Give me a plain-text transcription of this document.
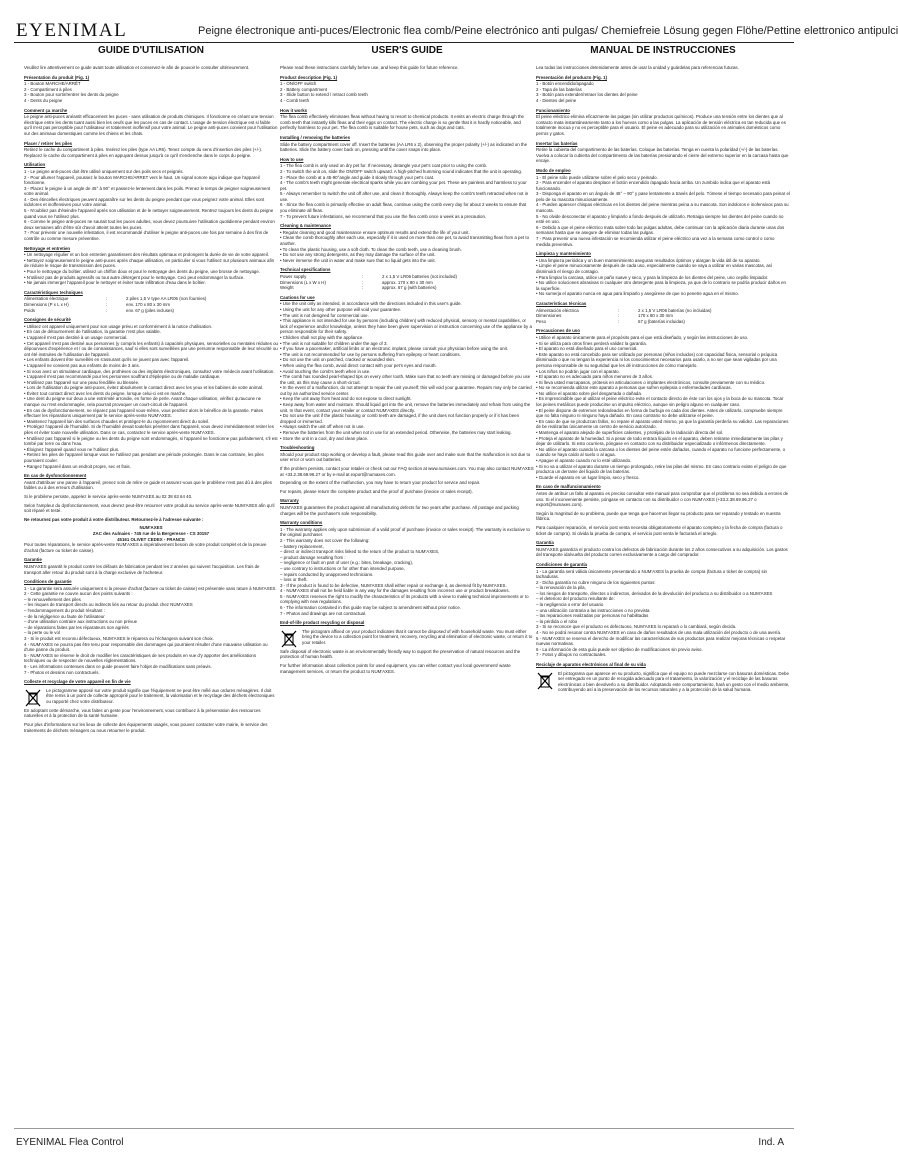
EYENIMAL	Peigne électronique anti-puces/Electronic flea comb/Peine electrónico anti pulgas/ Chemiefreie Lösung gegen Flöhe/Pettine elettronico antipulci
GUIDE D'UTILISATION
Veuillez lire attentivement ce guide avant toute utilisation et conservez-le afin de pouvoir le consulter ultérieurement.
Présentation du produit (Fig. 1)
1 - Bouton MARCHE/ARRÊT
2 - Compartiment à piles
3 - Bouton pour sortir/rentrer les dents du peigne
4 - Dents du peigne
Comment ça marche
Le peigne anti-puces anéantit efficacement les puces - sans utilisation de produits chimiques. Il fonctionne en créant une tension électrique entre les dents tuant aussi bien les oeufs que les puces en cas de contact. L'usage de tension électrique est si faible qu'il n'est pas perceptible pour l'utilisateur et totalement inoffensif pour votre animal. Le peigne anti-puces convient pour l'utilisation sur des animaux domestiques comme les chiens et les chats.
Placer / retirer les piles
Retirez le cache du compartiment à piles. Insérez les piles (type AA LR6). Tenez compte du sens d'insertion des piles (+/-). Replacez le cache du compartiment à piles en appuyant dessus jusqu'à ce qu'il s'enclenche dans le corps du peigne.
Utilisation
1 - Le peigne anti-puces doit être utilisé uniquement sur des poils secs et peignés.
2 - Pour allumer l'appareil, poussez le bouton MARCHE/ARRET vers le haut. Un signal sonore aigu indique que l'appareil fonctionne.
3 - Placez le peigne à un angle de 45° à 90° et passez-le lentement dans les poils. Prenez le temps de peigner soigneusement votre animal.
4 - Des étincelles électriques peuvent apparaître sur les dents du peigne pendant que vous peignez votre animal. Elles sont indolores et inoffensives pour votre animal.
5 - N'oubliez pas d'éteindre l'appareil après son utilisation et de le nettoyer soigneusement. Rentrez toujours les dents du peigne quand vous ne l'utilisez plus.
6 - Comme le peigne anti-puces ne saurait tout les puces adultes, vous devez poursuivre l'utilisation quotidienne pendant environ deux semaines afin d'être sûr d'avoir atteint toutes les puces.
7 - Pour prévenir une nouvelle infestation, il est recommandé d'utiliser le peigne anti-puces une fois par semaine à des fins de contrôle ou comme mesure préventive.
Nettoyage et entretien
• Un nettoyage régulier et un bon entretien garantissent des résultats optimaux et prolongent la durée de vie de votre appareil.
• Nettoyez soigneusement le peigne anti-puces après chaque utilisation, en particulier si vous l'utilisez sur plusieurs animaux afin de réduire le risque de transmission des puces.
• Pour le nettoyage du boîtier, utilisez un chiffon doux et pour le nettoyage des dents du peigne, une brosse de nettoyage.
• N'utilisez pas de produits agressifs ou tout autre détergent pour le nettoyage. Ceci peut endommager la surface.
• Ne jamais immerger l'appareil pour le nettoyer et éviter toute infiltration d'eau dans le boîtier.
Caractéristiques techniques
Alimentation électrique	:	2 piles 1,5 V type AA LR06 (non fournies)
Dimensions (P x L x H)	:	env. 170 x 80 x 30 mm
Poids	:	env. 67 g (piles incluses)
Consignes de sécurité
• Utilisez cet appareil uniquement pour son usage prévu et conformément à la notice d'utilisation.
• En cas de détournement de l'utilisation, la garantie n'est plus valable.
• L'appareil n'est pas destiné à un usage commercial.
• Cet appareil n'est pas destiné aux personnes (y compris les enfants) à capacités physiques, sensorielles ou mentales réduites ou dépourvues d'expérience et / ou de connaissances, sauf si elles sont surveillées par une personne responsable de leur sécurité ou ont été instruites de l'utilisation de l'appareil.
• Les enfants doivent être surveillés en s'assurant qu'ils ne jouent pas avec l'appareil.
• L'appareil ne convient pas aux enfants de moins de 3 ans.
• Si vous avez un stimulateur cardiaque, des prothèses ou des implants électroniques, consultez votre médecin avant l'utilisation.
• L'appareil n'est pas recommandé pour les personnes souffrant d'épilepsie ou de maladie cardiaque.
• N'utilisez pas l'appareil sur une peau fendillée ou blessée.
• Lors de l'utilisation du peigne anti-puces, évitez absolument le contact direct avec les yeux et les babines de votre animal.
• Évitez tout contact direct avec les dents du peigne, lorsque celui-ci est en marche.
• Une dent du peigne sur deux a une extrémité arrondie, en forme de perle. Avant chaque utilisation, vérifiez qu'aucune ne manque ou n'est endommagée, cela pourrait provoquer un court-circuit de l'appareil.
• En cas de dysfonctionnement, ne réparez pas l'appareil vous-même, vous perdriez alors le bénéfice de la garantie. Faites effectuer les réparations uniquement par le service après-vente NUM'AXES.
• Maintenez l'appareil loin des surfaces chaudes et protégez-le du rayonnement direct du soleil.
• Protégez l'appareil de l'humidité. Si de l'humidité devait toutefois pénétrer dans l'appareil, vous devez immédiatement retirer les piles et éviter toute nouvelle utilisation. Dans ce cas, contactez le service après-vente NUM'AXES.
• N'utilisez pas l'appareil si le peigne ou les dents du peigne sont endommagés, si l'appareil ne fonctionne pas parfaitement, s'il est tombé par terre ou dans l'eau.
• Éloignez l'appareil quand vous ne l'utilisez plus.
• Retirez les piles de l'appareil lorsque vous ne l'utilisez pas pendant une période prolongée. Dans le cas contraire, les piles pourraient couler.
• Rangez l'appareil dans un endroit propre, sec et frais.
En cas de dysfonctionnement
Avant d'attribuer une panne à l'appareil, prenez soin de relire ce guide et assurez-vous que le problème n'est pas dû à des piles faibles ou à des erreurs d'utilisation.
Si le problème persiste, appelez le service après-vente NUM'AXES au 02 38 63 64 40.
Selon l'ampleur du dysfonctionnement, vous devrez peut-être retourner votre produit au service après-vente NUM'AXES afin qu'il soit réparé et testé.
Ne retournez pas votre produit à votre distributeur. Retournez-le à l'adresse suivante :
NUM'AXES
ZAC des Aulnaies - 745 rue de la Bergeresse - CS 30157
45161 OLIVET CEDEX - FRANCE
Pour toutes réparations, le service après-vente NUM'AXES a impérativement besoin de votre produit complet et de la preuve d'achat (facture ou ticket de caisse).
Garantie
NUM'AXES garantit le produit contre les défauts de fabrication pendant les 2 années qui suivent l'acquisition. Les frais de transport aller retour du produit sont à la charge exclusive de l'acheteur.
Conditions de garantie
1 - La garantie sera assurée uniquement si la preuve d'achat (facture ou ticket de caisse) est présentée sans rature à NUM'AXES.
2 - Cette garantie ne couvre aucun des points suivants :
– le renouvellement des piles
– les risques de transport directs ou indirects liés au retour du produit chez NUM'AXES
– l'endommagement du produit résultant :
– de la négligence ou faute de l'utilisateur
– d'une utilisation contraire aux instructions ou non prévue
– de réparations faites par les réparateurs non agréés
– la perte ou le vol
3 - Si le produit est reconnu défectueux, NUM'AXES le réparera ou l'échangera suivant son choix.
4 - NUM'AXES ne pourra pas être tenu pour responsable des dommages qui pourraient résulter d'une mauvaise utilisation ou d'une panne du produit.
5 - NUM'AXES se réserve le droit de modifier les caractéristiques de ses produits en vue d'y apporter des améliorations techniques ou de respecter de nouvelles réglementations.
6 - Les informations contenues dans ce guide peuvent faire l'objet de modifications sans préavis.
7 - Photos et dessins non contractuels.
Collecte et recyclage de votre appareil en fin de vie
Le pictogramme apposé sur votre produit signifie que l'équipement ne peut être mêlé aux ordures ménagères. Il doit être remis à un point de collecte approprié pour le traitement, la valorisation et le recyclage des déchets électroniques ou rapporté chez votre distributeur.
En adoptant cette démarche, vous faites un geste pour l'environnement, vous contribuez à la préservation des ressources naturelles et à la protection de la santé humaine.
Pour plus d'informations sur les lieux de collecte des équipements usagés, vous pouvez contacter votre mairie, le service des traitements de déchets ménagers ou nous retourner le produit.
USER'S GUIDE
Please read these instructions carefully before use, and keep this guide for future reference.
Product description (Fig. 1)
1 - ON/OFF switch
2 - Battery compartment
3 - Slide button to extend / retract comb teeth
4 - Comb teeth
How it works
The flea comb effectively eliminates fleas without having to resort to chemical products. It emits an electric charge through the comb teeth that instantly kills fleas and their eggs on contact. The electric charge is so gentle that it is hardly noticeable, and perfectly harmless to your pet. The flea comb is suitable for house pets, such as dogs and cats.
Installing / removing the batteries
Slide the battery compartment cover off. Insert the batteries (AA LR6 x 2), observing the proper polarity (+/-) as indicated on the batteries. Slide the battery cover back on, pressing until the cover snaps into place.
How to use
1 - The flea comb is only used on dry pet fur. If necessary, detangle your pet's coat prior to using the comb.
2 - To switch the unit on, slide the ON/OFF switch upward. A high-pitched humming sound indicates that the unit is operating.
3 - Place the comb at a 45-90°angle and guide it slowly through your pet's coat.
4 - The comb's teeth might generate electrical sparks while you are combing your pet. These are painless and harmless to your pet.
5 - Always remember to switch the unit off after use, and clean it thoroughly. Always keep the comb's teeth retracted when not in use.
6 - Since the flea comb is primarily effective on adult fleas, continue using the comb every day for about 2 weeks to ensure that you eliminate all fleas.
7 - To prevent future infestations, we recommend that you use the flea comb once a week as a precaution.
Cleaning & maintenance
• Regular cleaning and good maintenance ensure optimum results and extend the life of your unit.
• Clean the comb thoroughly after each use, especially if it is used on more than one pet, to avoid transmitting fleas from a pet to another.
• To clean the plastic housing, use a soft cloth. To clean the comb teeth, use a cleaning brush.
• Do not use any strong detergents, as they may damage the surface of the unit.
• Never immerse the unit in water and make sure that no liquid gets into the unit.
Technical specifications
Power supply	:	2 x 1,5 V LR06 batteries (not included)
Dimensions (L x W x H)	:	approx. 170 x 80 x 30 mm
Weight	:	approx. 67 g (with batteries)
Cautions for use
• Use the unit only as intended, in accordance with the directions included in this user's guide.
• Using the unit for any other purpose will void your guarantee.
• The unit is not designed for commercial use.
• This appliance is not intended for use by persons (including children) with reduced physical, sensory or mental capabilities, or lack of experience and/or knowledge, unless they have been given supervision or instruction concerning use of the appliance by a person responsible for their safety.
• Children shall not play with the appliance.
• The unit is not suitable for children under the age of 3.
• If you have a pacemaker, artificial limbs or an electronic implant, please consult your physician before using the unit.
• The unit is not recommended for use by persons suffering from epilepsy or heart conditions.
• Do not use the unit on parched, cracked or wounded skin.
• When using the flea comb, avoid direct contact with your pet's eyes and mouth.
• Avoid touching the comb's teeth when in use.
• The comb has rounded pearl-shaped tips on every other tooth. Make sure that no teeth are missing or damaged before you use the unit, as this may cause a short-circuit.
• In the event of a malfunction, do not attempt to repair the unit yourself; this will void your guarantee. Repairs may only be carried out by an authorized service center.
• Keep the unit away from heat and do not expose to direct sunlight.
• Keep away from water and moisture. Should liquid get into the unit, remove the batteries immediately and refrain from using the unit. In that event, contact your retailer or contact NUM'AXES directly.
• Do not use the unit if the plastic housing or comb teeth are damaged, if the unit does not function properly or if it has been dropped or immersed.
• Always switch the unit off when not in use.
• Remove the batteries from the unit when not in use for an extended period. Otherwise, the batteries may start leaking.
• Store the unit in a cool, dry and clean place.
Troubleshooting
Should your product stop working or develop a fault, please read this guide over and make sure that the malfunction is not due to user error or worn out batteries.
If the problem persists, contact your retailer or check out our FAQ section at www.numaxes.com. You may also contact NUM'AXES at +33.2.38.69.96.27 or by e-mail at export@numaxes.com.
Depending on the extent of the malfunction, you may have to return your product for service and repair.
For repairs, please return the complete product and the proof of purchase (invoice or sales receipt).
Warranty
NUM'AXES guarantees the product against all manufacturing defects for two years after purchase. All postage and packing charges will be the purchaser's sole responsibility.
Warranty conditions
1 - The warranty applies only upon submission of a valid proof of purchase (invoice or sales receipt). The warranty is exclusive to the original purchaser.
2 - This warranty does not cover the following:
– battery replacement,
– direct or indirect transport risks linked to the return of the product to NUM'AXES,
– product damage resulting from :
– negligence or fault on part of user (e.g.: bites, breakage, cracking),
– use contrary to instructions or for other than intended purpose,
– repairs conducted by unapproved technicians.
– loss or theft.
3 - If the product is found to be defective, NUM'AXES shall either repair or exchange it, as deemed fit by NUM'AXES.
4 - NUM'AXES shall not be held liable in any way for the damages resulting from incorrect use or product breakdowns.
5 - NUM'AXES reserves the right to modify the characteristics of its products with a view to making technical improvements or to complying with new regulations.
6 - The information contained in this guide may be subject to amendment without prior notice.
7 - Photos and drawings are not contractual.
End-of-life product recycling or disposal
The pictogram affixed on your product indicates that it cannot be disposed of with household waste. You must either bring the device to a collection point for treatment, recovery, recycling and elimination of electronic waste, or return it to your retailer.
Safe disposal of electronic waste is an environmentally friendly way to support the preservation of natural resources and the protection of human health.
For further information about collection points for used equipment, you can either contact your local government/ waste management services, or return the product to NUM'AXES.
MANUAL DE INSTRUCCIONES
Lea todas las instrucciones detenidamente antes de usar la unidad y guárdelas para referencias futuras.
Presentación del producto (Fig. 1)
1 - Botón encendido/apagado
2 - Tapa de las baterías
3 - Botón para extender/retraer los dientes del peine
4 - Dientes del peine
Funcionamiento
El peine eléctrico elimina eficazmente las pulgas (sin utilizar productos químicos). Produce una tensión entre los dientes que al contacto mata instantáneamente tanto a los huevos como a las pulgas. La aplicación de tensión eléctrica es tan reducida que es totalmente inocua y no es perceptible para el usuario. El peine es adecuado para su utilización en animales domésticos como perros y gatos.
Insertar las baterías
Retire la cubierta del compartimento de las baterías. Coloque las baterías. Tenga en cuenta la polaridad (+/-) de las baterías. Vuelva a colocar la cubierta del compartimento de las baterías presionando el cierre del extremo superior en la carcasa hasta que encaje.
Modo de empleo
1 - El peine sólo puede utilizarse sobre el pelo seco y peinado.
2 - Para encender el aparato desplace el botón encendido /apagado hacia arriba. Un zumbido indica que el aparato está funcionando.
3 - Disponga el aparato en un ángulo de 45° – 90° y pase lentamente a través del pelo. Tómese el tiempo necesario para peinar el pelo de su mascota minuciosamente.
4 - Pueden aparecer chispas eléctricas en los dientes del peine mientras peina a su mascota. Son indoloros e inofensivos para su mascota.
5 - No olvide desconectar el aparato y limpiarlo a fondo después de utilizarlo. Retraiga siempre los dientes del peine cuando no esté en uso.
6 - Debido a que el peine eléctrico mata sobre todo las pulgas adultas, debe continuar con la aplicación diaria durante unas dos semanas hasta que se asegure de eliminar todas las pulgas.
7 - Para prevenir una nueva infestación se recomienda utilizar el peine eléctrico una vez a la semana como control o como medida preventiva.
Limpieza y mantenimiento
• Una limpieza periódica y un buen mantenimiento aseguran resultados óptimos y alargan la vida útil de su aparato.
• Limpie el peine minuciosamente después de cada uso, especialmente cuando se vaya a utilizar en varias mascotas, así disminuirá el riesgo de contagio.
• Para limpiar la carcasa, utilice un paño suave y seco, y para la limpieza de los dientes del peine, uno cepillo limpiador.
• No utilice soluciones abrasivas ni cualquier otro detergente para la limpieza, ya que de lo contrario se podría producir daños en la superficie.
• No sumerja el aparato nunca en agua para limpiarlo y asegúrese de que no penetre agua en el mismo.
Características técnicas
Alimentación eléctrica	:	2 x 1,5 V LR06 baterías (no incluidas)
Dimensiones	:	170 x 80 x 30 mm
Peso	:	67 g (baterías incluidas)
Precauciones de uso
• Utilice el aparato únicamente para el propósito para el que está diseñado, y según las instrucciones de uso.
• Si se utiliza para otros fines perderá validez la garantía.
• El aparato no está diseñado para el uso comercial.
• Este aparato no está concebido para ser utilizado por personas (niños incluidos) con capacidad física, sensorial o psíquica disminuida o que no tengan la experiencia ni los conocimientos necesarios para usarlo, a no ser que sean vigiladas por una persona responsable de su seguridad que les dé instrucciones de cómo manejarlo.
• Los niños no podrán jugar con el aparato.
• El aparato no es adecuado para niños menores de 3 años.
• Si lleva usted marcapasos, prótesis en articulaciones o implantes electrónicos, consulte previamente con su médico.
• No se recomienda utilizar este aparato a personas que sufren epilepsia o enfermedades cardíacas.
• No utilice el aparato sobre piel desgarrada o dañada.
• Es imprescindible que al utilizar el peine eléctrico evite el contacto directo de éste con los ojos y la boca de su mascota. Tocar los peines metálicos puede producirse un impulso eléctrico, aunque sin peligro alguno en cualquier caso.
• El peine dispone de extremos redondeados en forma de burbuja en cada dos dientes. Antes de utilizarlo, compruebe siempre que no falta ninguno ni ninguno haya dañado. En caso contrario no debe utilizarse el peine.
• En caso de que se produzcan fallos, no repare el aparato usted mismo, ya que la garantía perdería su validez. Las reparaciones de be realizarlas únicamente un centro de servicio autorizado.
• Mantenga el aparato alejado de superficies calientes, y protéjalo de la radiación directa del sol.
• Proteja el aparato de la humedad. Si a pesar de todo entrara líquido en el aparato, deben retirarse inmediatamente las pilas y dejar de utilizarlo. Si esto ocurriera, póngase en contacto con su distribuidor especializado o infórmenos directamente.
• No utilice el aparato cuando la carcasa o los dientes del peine estén dañados, cuando el aparato no funcione perfectamente, o cuando se haya caído al suelo o al agua.
• Apague el aparato cuando no lo esté utilizando.
• Si no va a utilizar el aparato durante un tiempo prolongado, retire las pilas del mismo. En caso contrario existe el peligro de que produzca un derrame del líquido de las baterías.
• Guarde el aparato en un lugar limpio, seco y fresco.
En caso de malfuncionamiento
Antes de atribuir un fallo al aparato es preciso consultar este manual para comprobar que el problema no sea debido a errores de uso. Si el inconveniente persiste, póngase en contacto con su distribuidor o con NUM'AXES (+33.2.38.69.96.27 o export@numaxes.com).
Según la magnitud de su problema, puede que tenga que hacernos llegar su producto para ser reparado y testado en nuestra fábrica.
Para cualquier reparación, el servicio post venta necesita obligatoriamente el aparato completo y la fecha de compra (factura o ticket de compra). Si olvida la prueba de compra, el servicio post venta le facturará el arreglo.
Garantía
NUM'AXES garantiza el producto contra los defectos de fabricación durante los 2 años consecutivos a su adquisición. Los gastos del transporte ida/vuelta del producto corren exclusivamente a cargo del comprador.
Condiciones de garantía
1 - La garantía será válida únicamente presentando a NUM'AXES la prueba de compra (factura o ticket de compra) sin tachaduras.
2 - Dicha garantía no cubre ninguno de los siguientes puntos:
– la renovación de la pila,
– los riesgos de transporte, directos o indirectos, derivados de la devolución del producto a su distribuidor o a NUM'AXES
– el deterioro del producto resultante de:
– la negligencia o error del usuario
– una utilización contraria a las instrucciones o no prevista
– las reparaciones realizadas por personas no habilitadas
– la pérdida o el robo
3 - Si se reconoce que el producto es defectuoso, NUM'AXES lo reparará o lo cambiará, según decida.
4 - No se podrá resonar contra NUM'AXES en caso de daños resultados de una mala utilización del producto o de una avería.
5 - NUM'AXES se reserva el derecho de modificar las características de sus productos para realizar mejoras técnicas o respetar nuevas normativas.
6 - La información de esta guía puede ser objetivo de modificaciones sin previo aviso.
7 - Fotos y dibujos no contractuales.
Reciclaje de aparatos electrónicos al final de su vida
El pictograma que aparece en su producto, significa que el equipo no puede mezclarse con basuras domésticas. Debe ser entregado en un punto de recogida adecuado para el tratamiento, la valorización y el reciclaje de las basuras electrónicas o bien devolverlo a su distribuidor. Adoptando este comportamiento, hará un gesto con el medio ambiente, contribuyendo así a la preservación de los recursos naturales y a la protección de la salud humana.
EYENIMAL Flea Control	Ind. A
